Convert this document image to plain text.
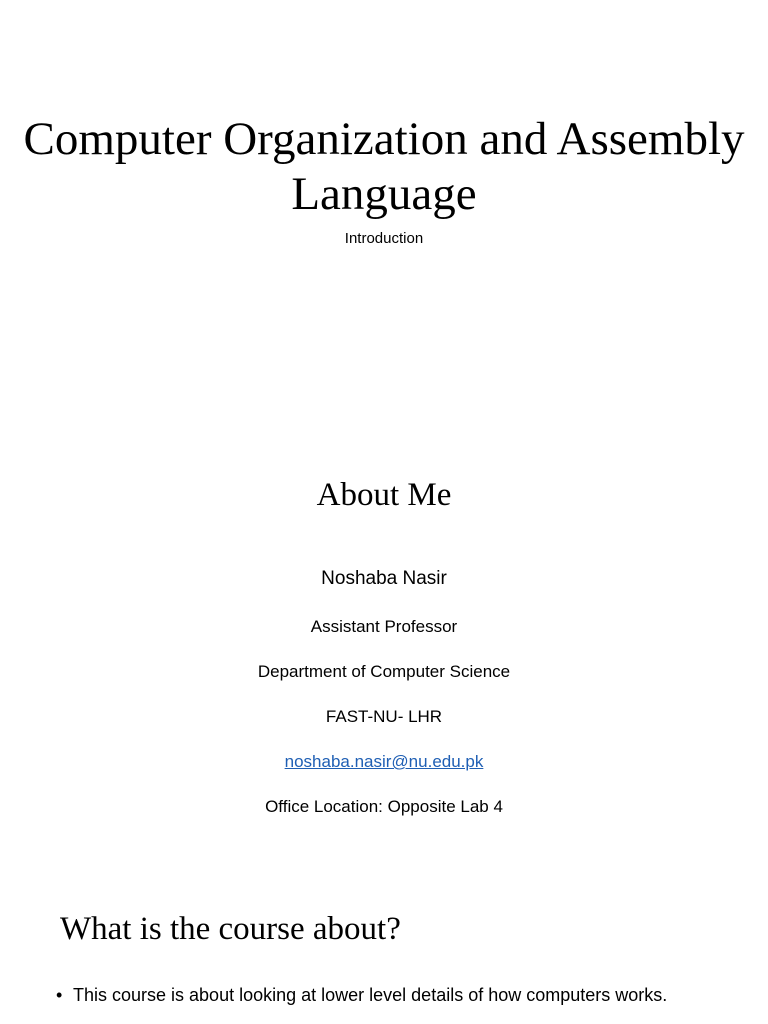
Computer Organization and Assembly Language

Introduction

About Me

Noshaba Nasir

Assistant Professor

Department of Computer Science

FAST-NU- LHR

noshaba.nasir@nu.edu.pk

Office Location: Opposite Lab 4

What is the course about?
• This course is about looking at lower level details of how computers works.
